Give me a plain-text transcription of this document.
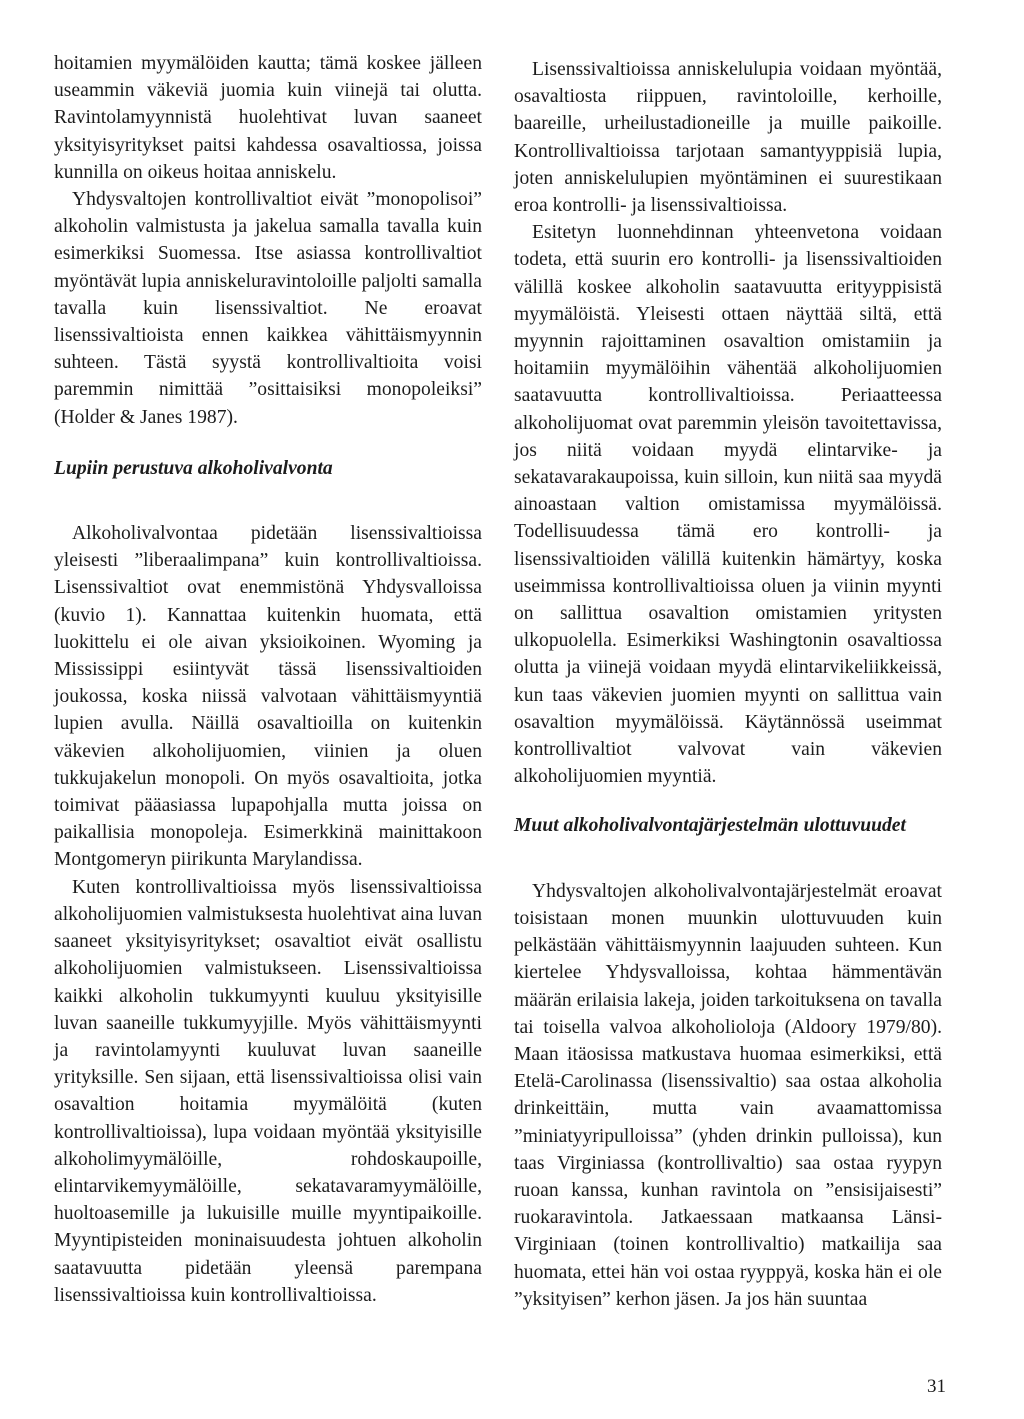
hoitamien myymälöiden kautta; tämä koskee jälleen useammin väkeviä juomia kuin viinejä tai olutta. Ravintolamyynnistä huolehtivat luvan saaneet yksityisyritykset paitsi kahdessa osavaltiossa, joissa kunnilla on oikeus hoitaa anniskelu.

Yhdysvaltojen kontrollivaltiot eivät ”monopolisoi” alkoholin valmistusta ja jakelua samalla tavalla kuin esimerkiksi Suomessa. Itse asiassa kontrollivaltiot myöntävät lupia anniskeluravintoloille paljolti samalla tavalla kuin lisenssivaltiot. Ne eroavat lisenssivaltioista ennen kaikkea vähittäismyynnin suhteen. Tästä syystä kontrollivaltioita voisi paremmin nimittää ”osittaisiksi monopoleiksi” (Holder & Janes 1987).

Lupiin perustuva alkoholivalvonta

Alkoholivalvontaa pidetään lisenssivaltioissa yleisesti ”liberaalimpana” kuin kontrollivaltioissa. Lisenssivaltiot ovat enemmistönä Yhdysvalloissa (kuvio 1). Kannattaa kuitenkin huomata, että luokittelu ei ole aivan yksioikoinen. Wyoming ja Mississippi esiintyvät tässä lisenssivaltioiden joukossa, koska niissä valvotaan vähittäismyyntiä lupien avulla. Näillä osavaltioilla on kuitenkin väkevien alkoholijuomien, viinien ja oluen tukkujakelun monopoli. On myös osavaltioita, jotka toimivat pääasiassa lupapohjalla mutta joissa on paikallisia monopoleja. Esimerkkinä mainittakoon Montgomeryn piirikunta Marylandissa.

Kuten kontrollivaltioissa myös lisenssivaltioissa alkoholijuomien valmistuksesta huolehtivat aina luvan saaneet yksityisyritykset; osavaltiot eivät osallistu alkoholijuomien valmistukseen. Lisenssivaltioissa kaikki alkoholin tukkumyynti kuuluu yksityisille luvan saaneille tukkumyyjille. Myös vähittäismyynti ja ravintolamyynti kuuluvat luvan saaneille yrityksille. Sen sijaan, että lisenssivaltioissa olisi vain osavaltion hoitamia myymälöitä (kuten kontrollivaltioissa), lupa voidaan myöntää yksityisille alkoholimyymälöille, rohdoskaupoille, elintarvikemyymälöille, sekatavaramyymälöille, huoltoasemille ja lukuisille muille myyntipaikoille. Myyntipisteiden moninaisuudesta johtuen alkoholin saatavuutta pidetään yleensä parempana lisenssivaltioissa kuin kontrollivaltioissa.

Lisenssivaltioissa anniskelulupia voidaan myöntää, osavaltiosta riippuen, ravintoloille, kerhoille, baareille, urheilustadioneille ja muille paikoille. Kontrollivaltioissa tarjotaan samantyyppisiä lupia, joten anniskelulupien myöntäminen ei suurestikaan eroa kontrolli- ja lisenssivaltioissa.

Esitetyn luonnehdinnan yhteenvetona voidaan todeta, että suurin ero kontrolli- ja lisenssivaltioiden välillä koskee alkoholin saatavuutta erityyppisistä myymälöistä. Yleisesti ottaen näyttää siltä, että myynnin rajoittaminen osavaltion omistamiin ja hoitamiin myymälöihin vähentää alkoholijuomien saatavuutta kontrollivaltioissa. Periaatteessa alkoholijuomat ovat paremmin yleisön tavoitettavissa, jos niitä voidaan myydä elintarvike- ja sekatavarakaupoissa, kuin silloin, kun niitä saa myydä ainoastaan valtion omistamissa myymälöissä. Todellisuudessa tämä ero kontrolli- ja lisenssivaltioiden välillä kuitenkin hämärtyy, koska useimmissa kontrollivaltioissa oluen ja viinin myynti on sallittua osavaltion omistamien yritysten ulkopuolella. Esimerkiksi Washingtonin osavaltiossa olutta ja viinejä voidaan myydä elintarvikeliikkeissä, kun taas väkevien juomien myynti on sallittua vain osavaltion myymälöissä. Käytännössä useimmat kontrollivaltiot valvovat vain väkevien alkoholijuomien myyntiä.

Muut alkoholivalvontajärjestelmän ulottuvuudet

Yhdysvaltojen alkoholivalvontajärjestelmät eroavat toisistaan monen muunkin ulottuvuuden kuin pelkästään vähittäismyynnin laajuuden suhteen. Kun kiertelee Yhdysvalloissa, kohtaa hämmentävän määrän erilaisia lakeja, joiden tarkoituksena on tavalla tai toisella valvoa alkoholioloja (Aldoory 1979/80). Maan itäosissa matkustava huomaa esimerkiksi, että Etelä-Carolinassa (lisenssivaltio) saa ostaa alkoholia drinkeittäin, mutta vain avaamattomissa ”miniatyyripulloissa” (yhden drinkin pulloissa), kun taas Virginiassa (kontrollivaltio) saa ostaa ryypyn ruoan kanssa, kunhan ravintola on ”ensisijaisesti” ruokaravintola. Jatkaessaan matkaansa Länsi-Virginiaan (toinen kontrollivaltio) matkailija saa huomata, ettei hän voi ostaa ryyppyä, koska hän ei ole ”yksityisen” kerhon jäsen. Ja jos hän suuntaa

31
